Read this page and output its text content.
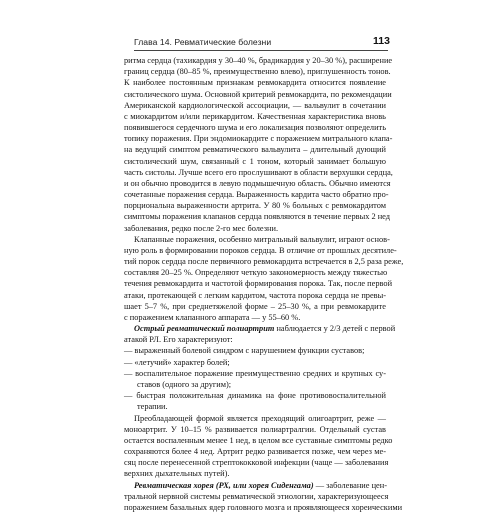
Глава 14. Ревматические болезни	113
ритма сердца (тахикардия у 30–40 %, брадикардия у 20–30 %), расширение
границ сердца (80–85 %, преимущественно влево), приглушенность тонов.
К наиболее постоянным признакам ревмокардита относится появление
систолического шума. Основной критерий ревмокардита, по рекомендации
Американской кардиологической ассоциации, — вальвулит в сочетании
с миокардитом и/или перикардитом. Качественная характеристика вновь
появившегося сердечного шума и его локализация позволяют определить
топику поражения. При эндомиокардите с поражением митрального клапа-
на ведущий симптом ревматического вальвулита – длительный дующий
систолический шум, связанный с 1 тоном, который занимает большую
часть систолы. Лучше всего его прослушивают в области верхушки сердца,
и он обычно проводится в левую подмышечную область. Обычно имеются
сочетанные поражения сердца. Выраженность кардита часто обратно про-
порциональна выраженности артрита. У 80 % больных с ревмокардитом
симптомы поражения клапанов сердца появляются в течение первых 2 нед
заболевания, редко после 2-го мес болезни.
Клапанные поражения, особенно митральный вальвулит, играют основ-
ную роль в формировании пороков сердца. В отличие от прошлых десятиле-
тий порок сердца после первичного ревмокардита встречается в 2,5 раза реже,
составляя 20–25 %. Определяют четкую закономерность между тяжестью
течения ревмокардита и частотой формирования порока. Так, после первой
атаки, протекающей с легким кардитом, частота порока сердца не превы-
шает 5–7 %, при среднетяжелой форме – 25–30 %, а при ревмокардите
с поражением клапанного аппарата — у 55–60 %.
Острый ревматический полиартрит наблюдается у 2/3 детей с первой
атакой РЛ. Его характеризуют:
— выраженный болевой синдром с нарушением функции суставов;
— «летучий» характер болей;
— воспалительное поражение преимущественно средних и крупных су-
ставов (одного за другим);
— быстрая положительная динамика на фоне противовоспалительной
терапии.
Преобладающей формой является преходящий олигоартрит, реже —
моноартрит. У 10–15 % развивается полиартралгии. Отдельный сустав
остается воспаленным менее 1 нед, в целом все суставные симптомы редко
сохраняются более 4 нед. Артрит редко развивается позже, чем через ме-
сяц после перенесенной стрептококковой инфекции (чаще — заболевания
верхних дыхательных путей).
Ревматическая хорея (РХ, или хорея Сиденгама) — заболевание цен-
тральной нервной системы ревматической этиологии, характеризующееся
поражением базальных ядер головного мозга и проявляющееся хореическими
